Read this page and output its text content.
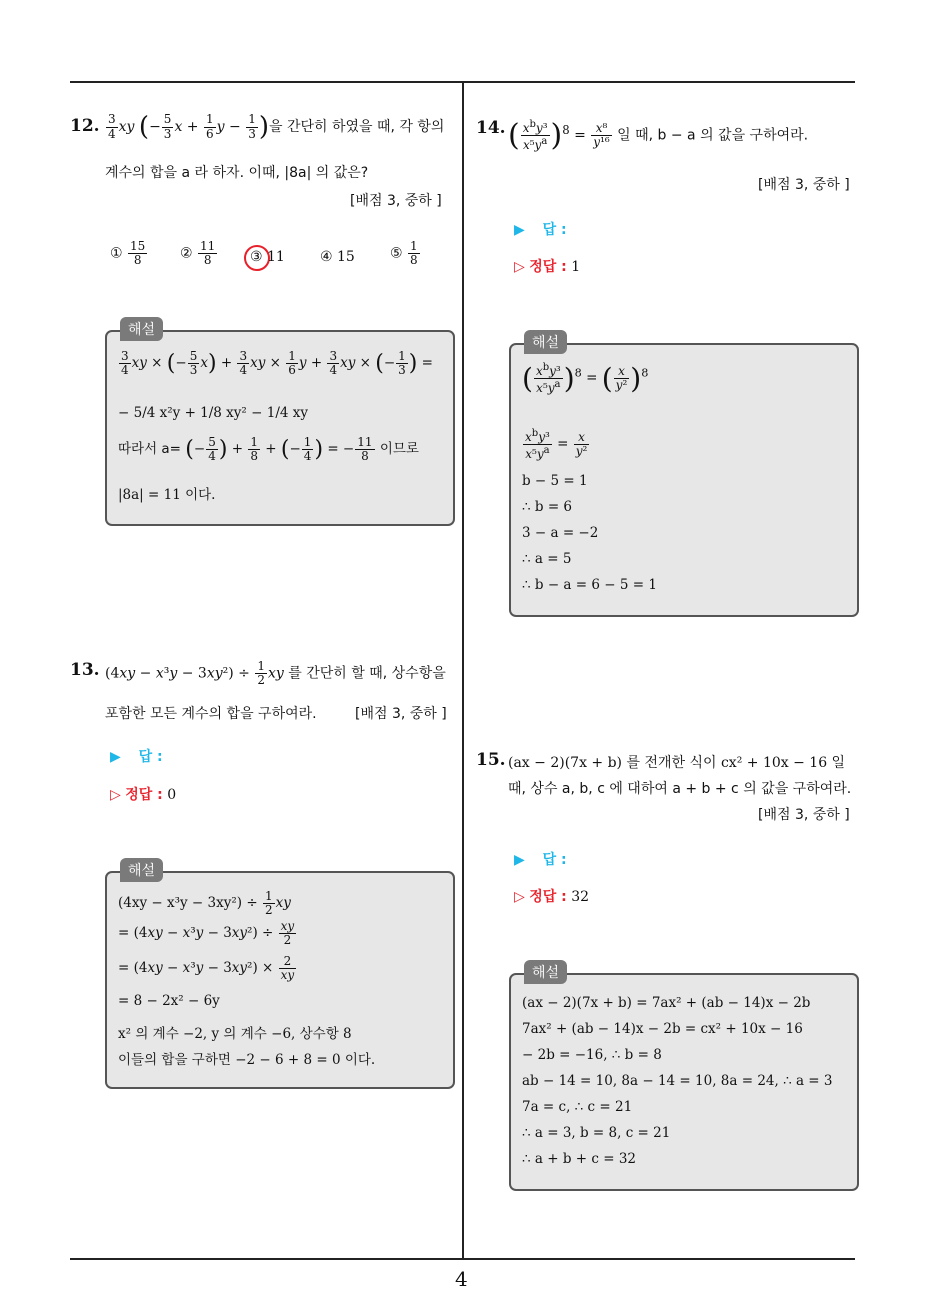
12. $\frac{3}{4}$ xy (− $\frac{5}{3}$ $x + \frac{1}{6}$ $y - \frac{1}{3}$ )을 간단히 하였을 때, 각 항의
계수의 합을 a 라 하자. 이때, |8a| 의 값은?
[배점 3, 중하 ]
① $\frac{15}{8}$ ② $\frac{11}{8}$ ③ 11	④ 15	⑤ $\frac{1}{8}$
해설
$\frac{3}{4}$ xy × (− $\frac{5}{3} x) + \frac{3}{4}$ xy × $\frac{1}{6}$ $y + \frac{3}{4}$ xy × (− $\frac{1}{3}$ ) =
− 5/4 x²y + 1/8 xy² − 1/4 xy
따라서 a= (− $\frac{5}{4}$ ) + $\frac{1}{8}$ + (− $\frac{1}{4}$ ) = − $\frac{11}{8}$ 이므로
|8a| = 11 이다.
13. $(4xy - x^3y - 3xy^2) \div \frac{1}{2}$ xy 를 간단히 할 때, 상수항을
포함한 모든 계수의 합을 구하여라.	[배점 3, 중하 ]
▶ 답 :
▷ 정답 : 0
해설
$(4xy - x^3y - 3xy^2) \div \frac{1}{2}$ xy
= $(4xy - x^3y - 3xy^2) \div \frac{xy}{2}$
= $(4xy - x^3y - 3xy^2) \times \frac{2}{xy}$
= 8 − 2x² − 6y
x² 의 계수 −2, y 의 계수 −6, 상수항 8
이들의 합을 구하면 −2 − 6 + 8 = 0 이다.
14. ( $\frac{x^by^3}{x^5y^a} )^8 = \frac{\text{x⁸}}{\text{y¹⁶}}$ 일 때, b − a 의 값을 구하여라.
[배점 3, 중하 ]
▶ 답 :
▷ 정답 : 1
해설
( $\frac{x^by^3}{x^5y^a} )^8$ = ( $\frac{x}{\text{y²}} )^8$
$\frac{x^by^3}{x^5y^a} = \frac{x}{\text{y²}}$
b − 5 = 1
∴ b = 6
3 − a = −2
∴ a = 5
∴ b − a = 6 − 5 = 1
15. (ax − 2)(7x + b) 를 전개한 식이 cx² + 10x − 16 일
때, 상수 a, b, c 에 대하여 a + b + c 의 값을 구하여라.
[배점 3, 중하 ]
▶ 답 :
▷ 정답 : 32
해설
(ax − 2)(7x + b) = 7ax² + (ab − 14)x − 2b
7ax² + (ab − 14)x − 2b = cx² + 10x − 16
− 2b = −16, ∴ b = 8
ab − 14 = 10, 8a − 14 = 10, 8a = 24, ∴ a = 3
7a = c, ∴ c = 21
∴ a = 3, b = 8, c = 21
∴ a + b + c = 32
4
